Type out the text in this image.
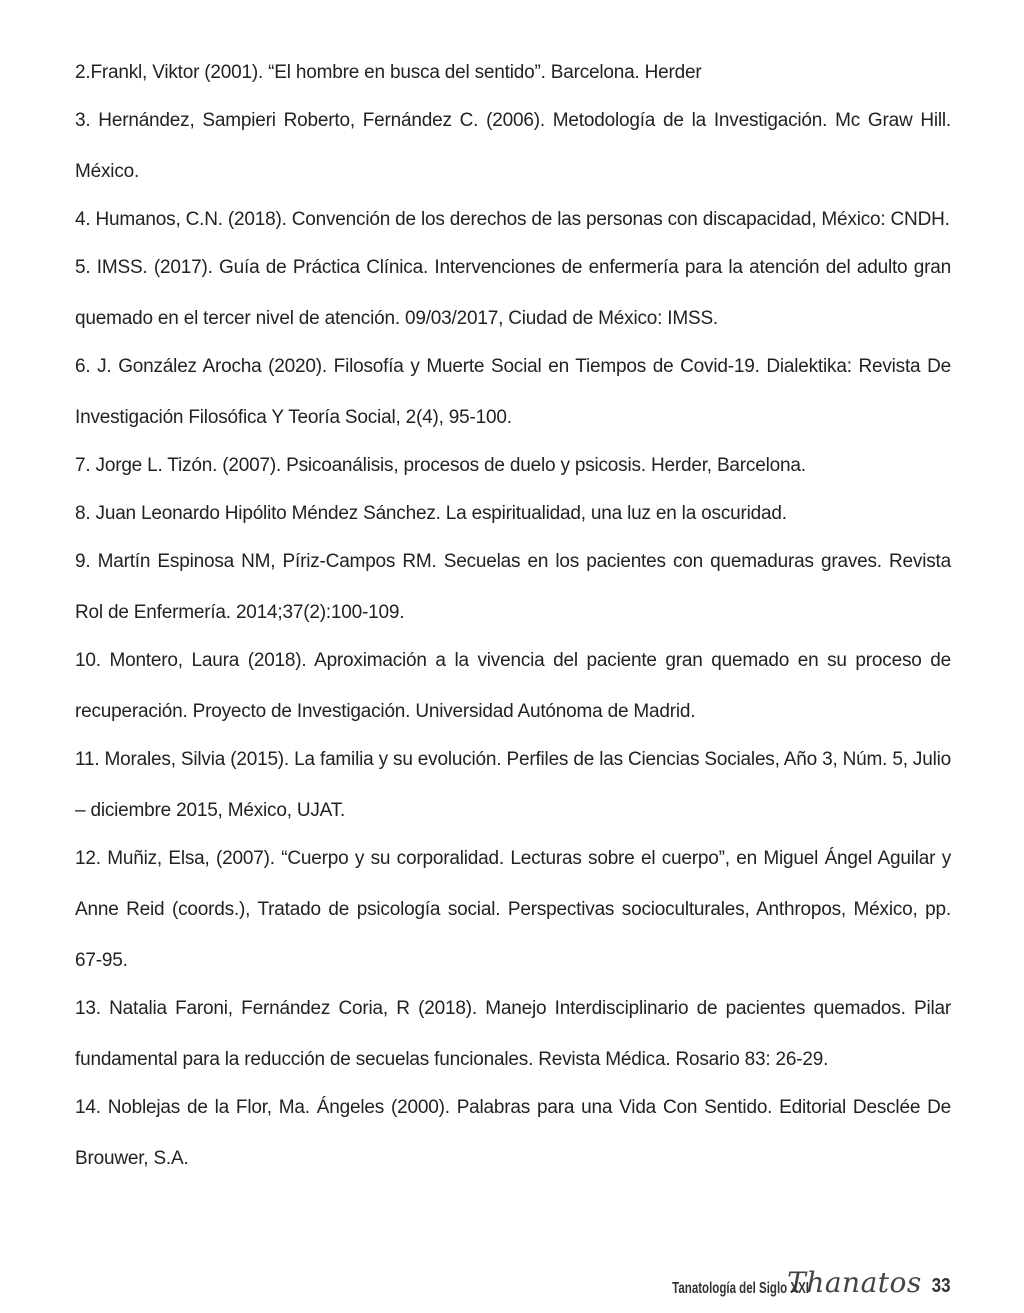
2.Frankl, Viktor (2001). “El hombre en busca del sentido”. Barcelona. Herder

3. Hernández, Sampieri Roberto, Fernández C. (2006). Metodología de la Investigación. Mc Graw Hill. México.

4. Humanos, C.N. (2018). Convención de los derechos de las personas con discapacidad, México: CNDH.

5. IMSS. (2017). Guía de Práctica Clínica. Intervenciones de enfermería para la atención del adulto gran quemado en el tercer nivel de atención. 09/03/2017, Ciudad de México: IMSS.

6. J. González Arocha (2020). Filosofía y Muerte Social en Tiempos de Covid-19. Dialektika: Revista De Investigación Filosófica Y Teoría Social, 2(4), 95-100.

7. Jorge L. Tizón. (2007). Psicoanálisis, procesos de duelo y psicosis. Herder, Barcelona.

8. Juan Leonardo Hipólito Méndez Sánchez. La espiritualidad, una luz en la oscuridad.

9. Martín Espinosa NM, Píriz-Campos RM. Secuelas en los pacientes con quemaduras graves. Revista Rol de Enfermería. 2014;37(2):100-109.

10. Montero, Laura (2018). Aproximación a la vivencia del paciente gran quemado en su proceso de recuperación. Proyecto de Investigación. Universidad Autónoma de Madrid.

11. Morales, Silvia (2015). La familia y su evolución. Perfiles de las Ciencias Sociales, Año 3, Núm. 5, Julio – diciembre 2015, México, UJAT.

12. Muñiz, Elsa, (2007). “Cuerpo y su corporalidad. Lecturas sobre el cuerpo”, en Miguel Ángel Aguilar y Anne Reid (coords.), Tratado de psicología social. Perspectivas socioculturales, Anthropos, México, pp. 67-95.

13. Natalia Faroni, Fernández Coria, R (2018). Manejo Interdisciplinario de pacientes quemados. Pilar fundamental para la reducción de secuelas funcionales. Revista Médica. Rosario 83: 26-29.

14. Noblejas de la Flor, Ma. Ángeles (2000). Palabras para una Vida Con Sentido. Editorial Desclée De Brouwer, S.A.

Tanatología del Siglo XXI
Thanatos 33
